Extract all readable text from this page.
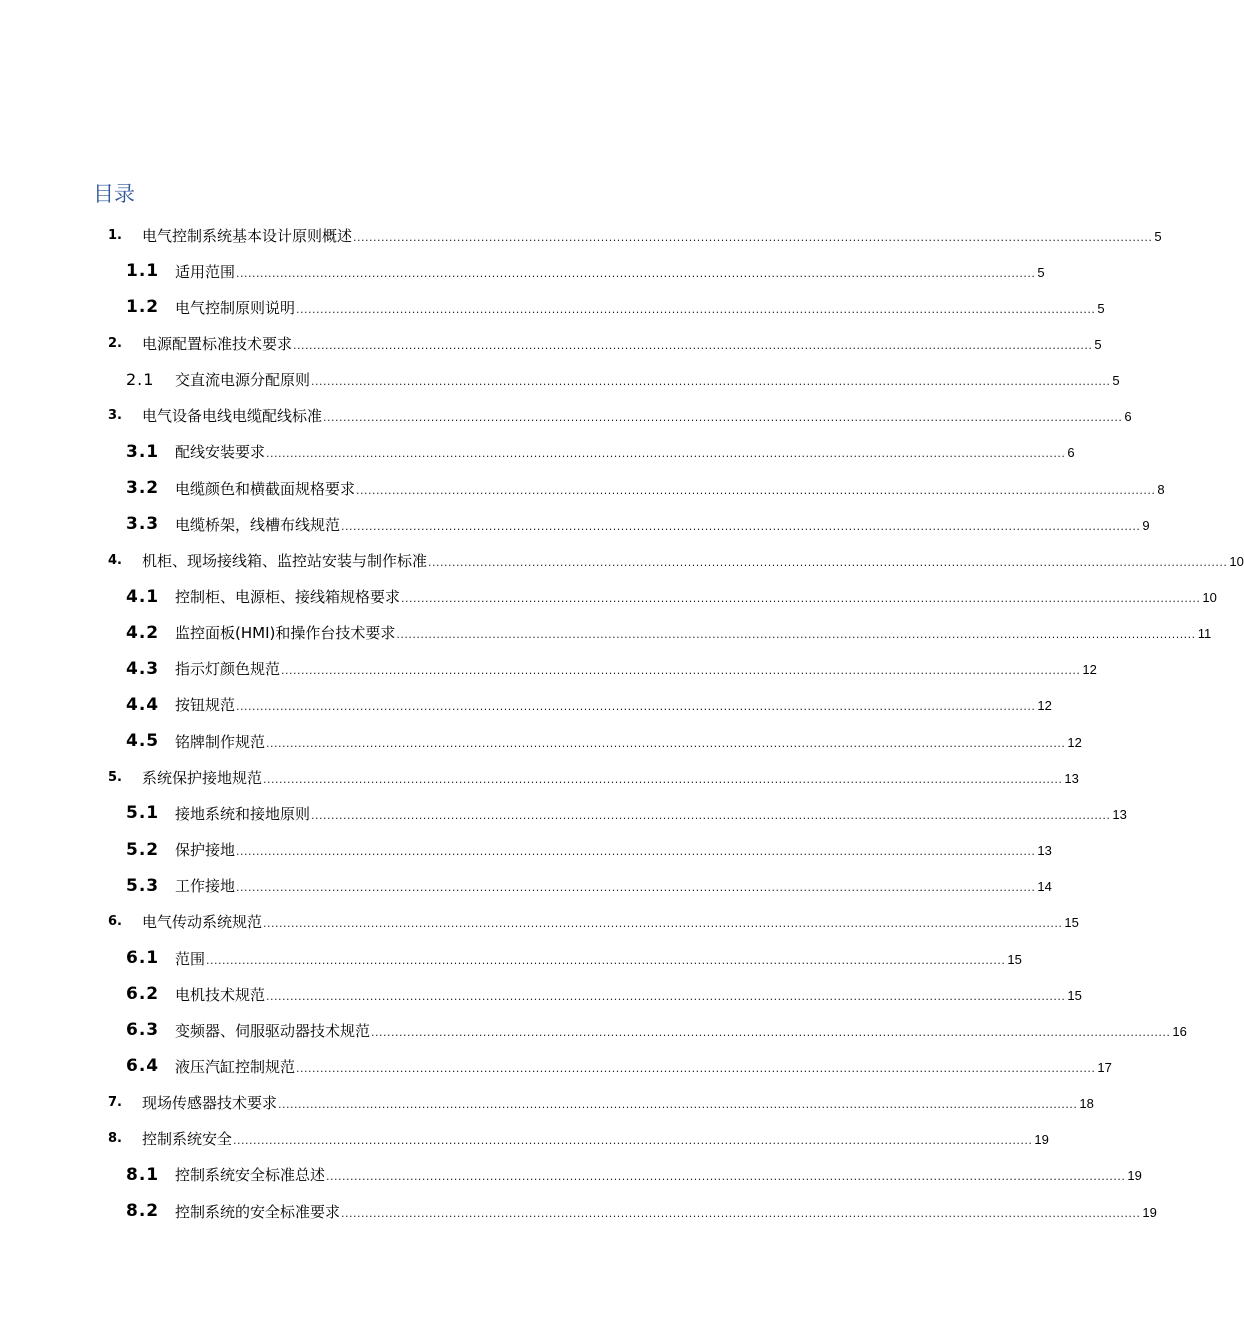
目录
1. 电气控制系统基本设计原则概述 ........................................................................................................................................................................................................ 5
1.1 适用范围 ........................................................................................................................................................................................................ 5
1.2 电气控制原则说明 ........................................................................................................................................................................................................ 5
2. 电源配置标准技术要求 ........................................................................................................................................................................................................ 5
2.1 交直流电源分配原则 ........................................................................................................................................................................................................ 5
3. 电气设备电线电缆配线标准 ........................................................................................................................................................................................................ 6
3.1 配线安装要求 ........................................................................................................................................................................................................ 6
3.2 电缆颜色和横截面规格要求 ........................................................................................................................................................................................................ 8
3.3 电缆桥架，线槽布线规范 ........................................................................................................................................................................................................ 9
4. 机柜、现场接线箱、监控站安装与制作标准 ........................................................................................................................................................................................................ 10
4.1 控制柜、电源柜、接线箱规格要求 ........................................................................................................................................................................................................ 10
4.2 监控面板(HMI)和操作台技术要求 ........................................................................................................................................................................................................ 11
4.3 指示灯颜色规范 ........................................................................................................................................................................................................ 12
4.4 按钮规范 ........................................................................................................................................................................................................ 12
4.5 铭牌制作规范 ........................................................................................................................................................................................................ 12
5. 系统保护接地规范 ........................................................................................................................................................................................................ 13
5.1 接地系统和接地原则 ........................................................................................................................................................................................................ 13
5.2 保护接地 ........................................................................................................................................................................................................ 13
5.3 工作接地 ........................................................................................................................................................................................................ 14
6. 电气传动系统规范 ........................................................................................................................................................................................................ 15
6.1 范围 ........................................................................................................................................................................................................ 15
6.2 电机技术规范 ........................................................................................................................................................................................................ 15
6.3 变频器、伺服驱动器技术规范 ........................................................................................................................................................................................................ 16
6.4 液压汽缸控制规范 ........................................................................................................................................................................................................ 17
7. 现场传感器技术要求 ........................................................................................................................................................................................................ 18
8. 控制系统安全 ........................................................................................................................................................................................................ 19
8.1 控制系统安全标准总述 ........................................................................................................................................................................................................ 19
8.2 控制系统的安全标准要求 ........................................................................................................................................................................................................ 19
